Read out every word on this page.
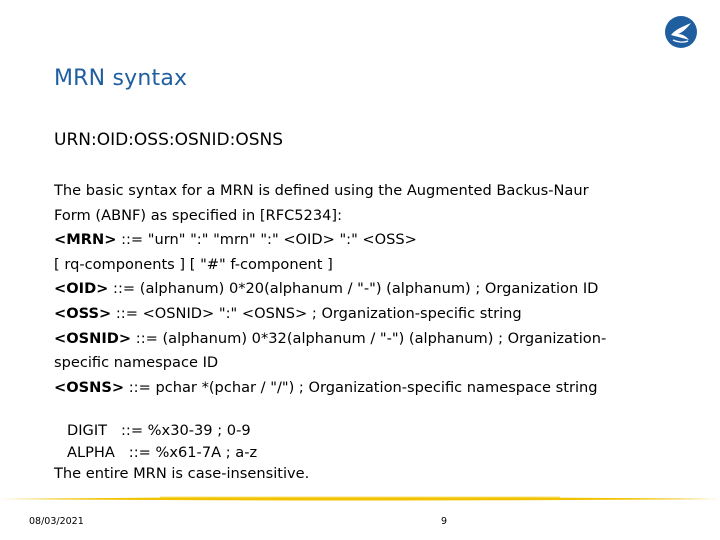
MRN syntax
URN:OID:OSS:OSNID:OSNS
The basic syntax for a MRN is defined using the Augmented Backus-Naur
Form (ABNF) as specified in [RFC5234]:
<MRN> ::= "urn" ":" "mrn" ":" <OID> ":" <OSS>
[ rq-components ] [ "#" f-component ]
<OID> ::= (alphanum) 0*20(alphanum / "-") (alphanum) ; Organization ID
<OSS> ::= <OSNID> ":" <OSNS> ; Organization-specific string
<OSNID> ::= (alphanum) 0*32(alphanum / "-") (alphanum) ; Organization-
specific namespace ID
<OSNS> ::= pchar *(pchar / "/") ; Organization-specific namespace string
DIGIT   ::= %x30-39 ; 0-9
ALPHA   ::= %x61-7A ; a-z
The entire MRN is case-insensitive.
08/03/2021	9
